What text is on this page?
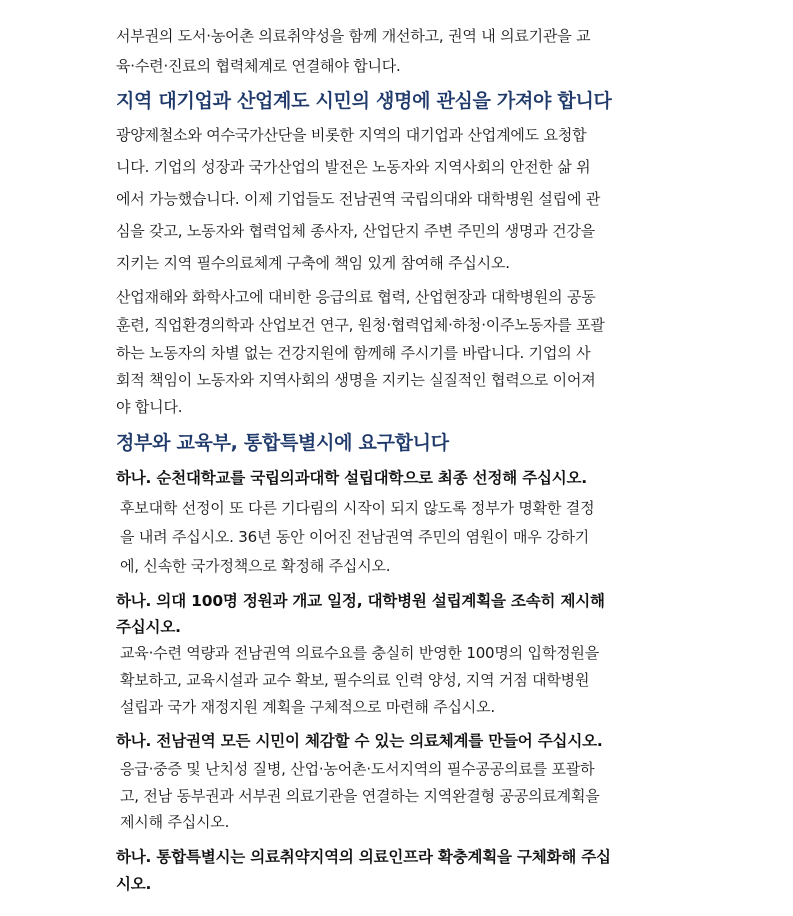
서부권의 도서·농어촌 의료취약성을 함께 개선하고, 권역 내 의료기관을 교
육·수련·진료의 협력체계로 연결해야 합니다.
지역 대기업과 산업계도 시민의 생명에 관심을 가져야 합니다
광양제철소와 여수국가산단을 비롯한 지역의 대기업과 산업계에도 요청합
니다. 기업의 성장과 국가산업의 발전은 노동자와 지역사회의 안전한 삶 위
에서 가능했습니다. 이제 기업들도 전남권역 국립의대와 대학병원 설립에 관
심을 갖고, 노동자와 협력업체 종사자, 산업단지 주변 주민의 생명과 건강을
지키는 지역 필수의료체계 구축에 책임 있게 참여해 주십시오.
산업재해와 화학사고에 대비한 응급의료 협력, 산업현장과 대학병원의 공동
훈련, 직업환경의학과 산업보건 연구, 원청·협력업체·하청·이주노동자를 포괄
하는 노동자의 차별 없는 건강지원에 함께해 주시기를 바랍니다. 기업의 사
회적 책임이 노동자와 지역사회의 생명을 지키는 실질적인 협력으로 이어져
야 합니다.
정부와 교육부, 통합특별시에 요구합니다
하나. 순천대학교를 국립의과대학 설립대학으로 최종 선정해 주십시오.
후보대학 선정이 또 다른 기다림의 시작이 되지 않도록 정부가 명확한 결정
을 내려 주십시오. 36년 동안 이어진 전남권역 주민의 염원이 매우 강하기
에, 신속한 국가정책으로 확정해 주십시오.
하나. 의대 100명 정원과 개교 일정, 대학병원 설립계획을 조속히 제시해
주십시오.
교육·수련 역량과 전남권역 의료수요를 충실히 반영한 100명의 입학정원을
확보하고, 교육시설과 교수 확보, 필수의료 인력 양성, 지역 거점 대학병원
설립과 국가 재정지원 계획을 구체적으로 마련해 주십시오.
하나. 전남권역 모든 시민이 체감할 수 있는 의료체계를 만들어 주십시오.
응급·중증 및 난치성 질병, 산업·농어촌·도서지역의 필수공공의료를 포괄하
고, 전남 동부권과 서부권 의료기관을 연결하는 지역완결형 공공의료계획을
제시해 주십시오.
하나. 통합특별시는 의료취약지역의 의료인프라 확충계획을 구체화해 주십
시오.
